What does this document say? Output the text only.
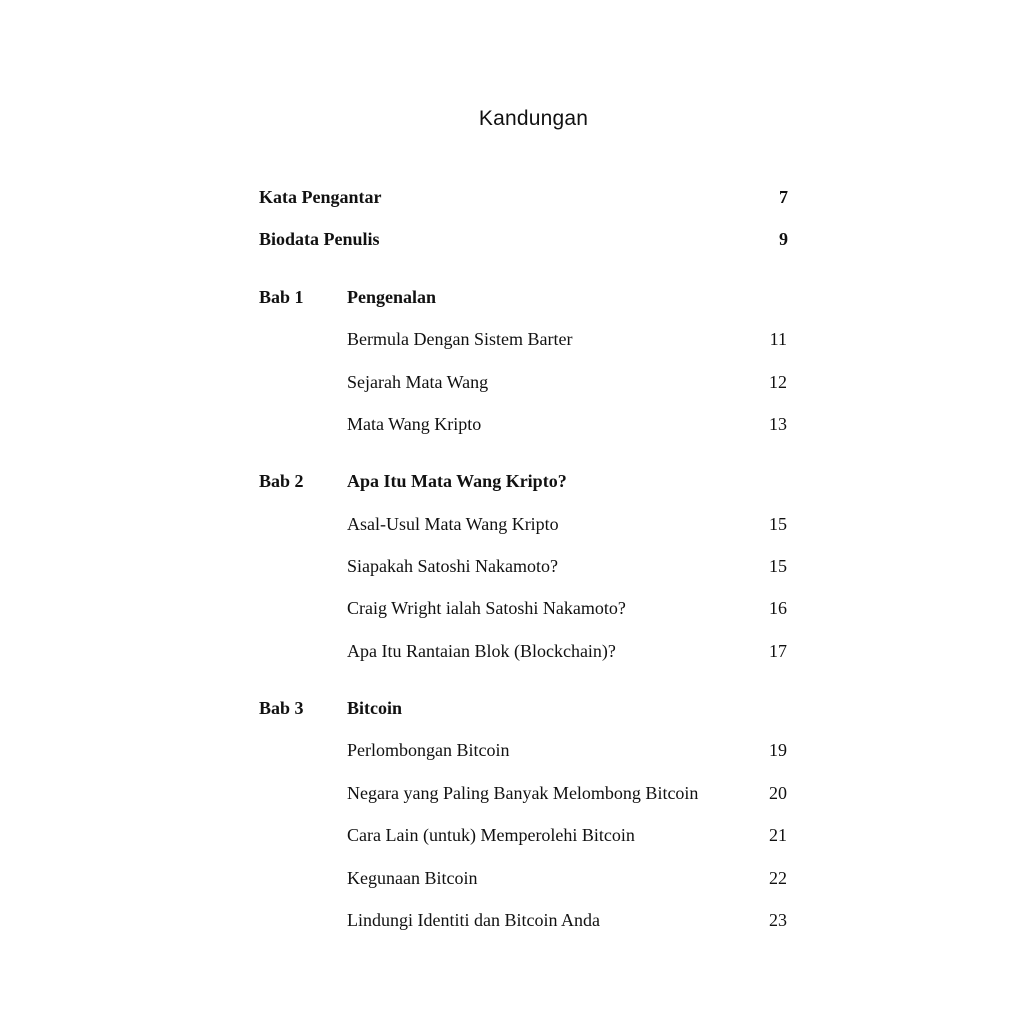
Kandungan
Kata Pengantar	7
Biodata Penulis	9
Bab 1 Pengenalan
Bermula Dengan Sistem Barter	11
Sejarah Mata Wang	12
Mata Wang Kripto	13
Bab 2 Apa Itu Mata Wang Kripto?
Asal-Usul Mata Wang Kripto	15
Siapakah Satoshi Nakamoto?	15
Craig Wright ialah Satoshi Nakamoto?	16
Apa Itu Rantaian Blok (Blockchain)?	17
Bab 3 Bitcoin
Perlombongan Bitcoin	19
Negara yang Paling Banyak Melombong Bitcoin	20
Cara Lain (untuk) Memperolehi Bitcoin	21
Kegunaan Bitcoin	22
Lindungi Identiti dan Bitcoin Anda	23
